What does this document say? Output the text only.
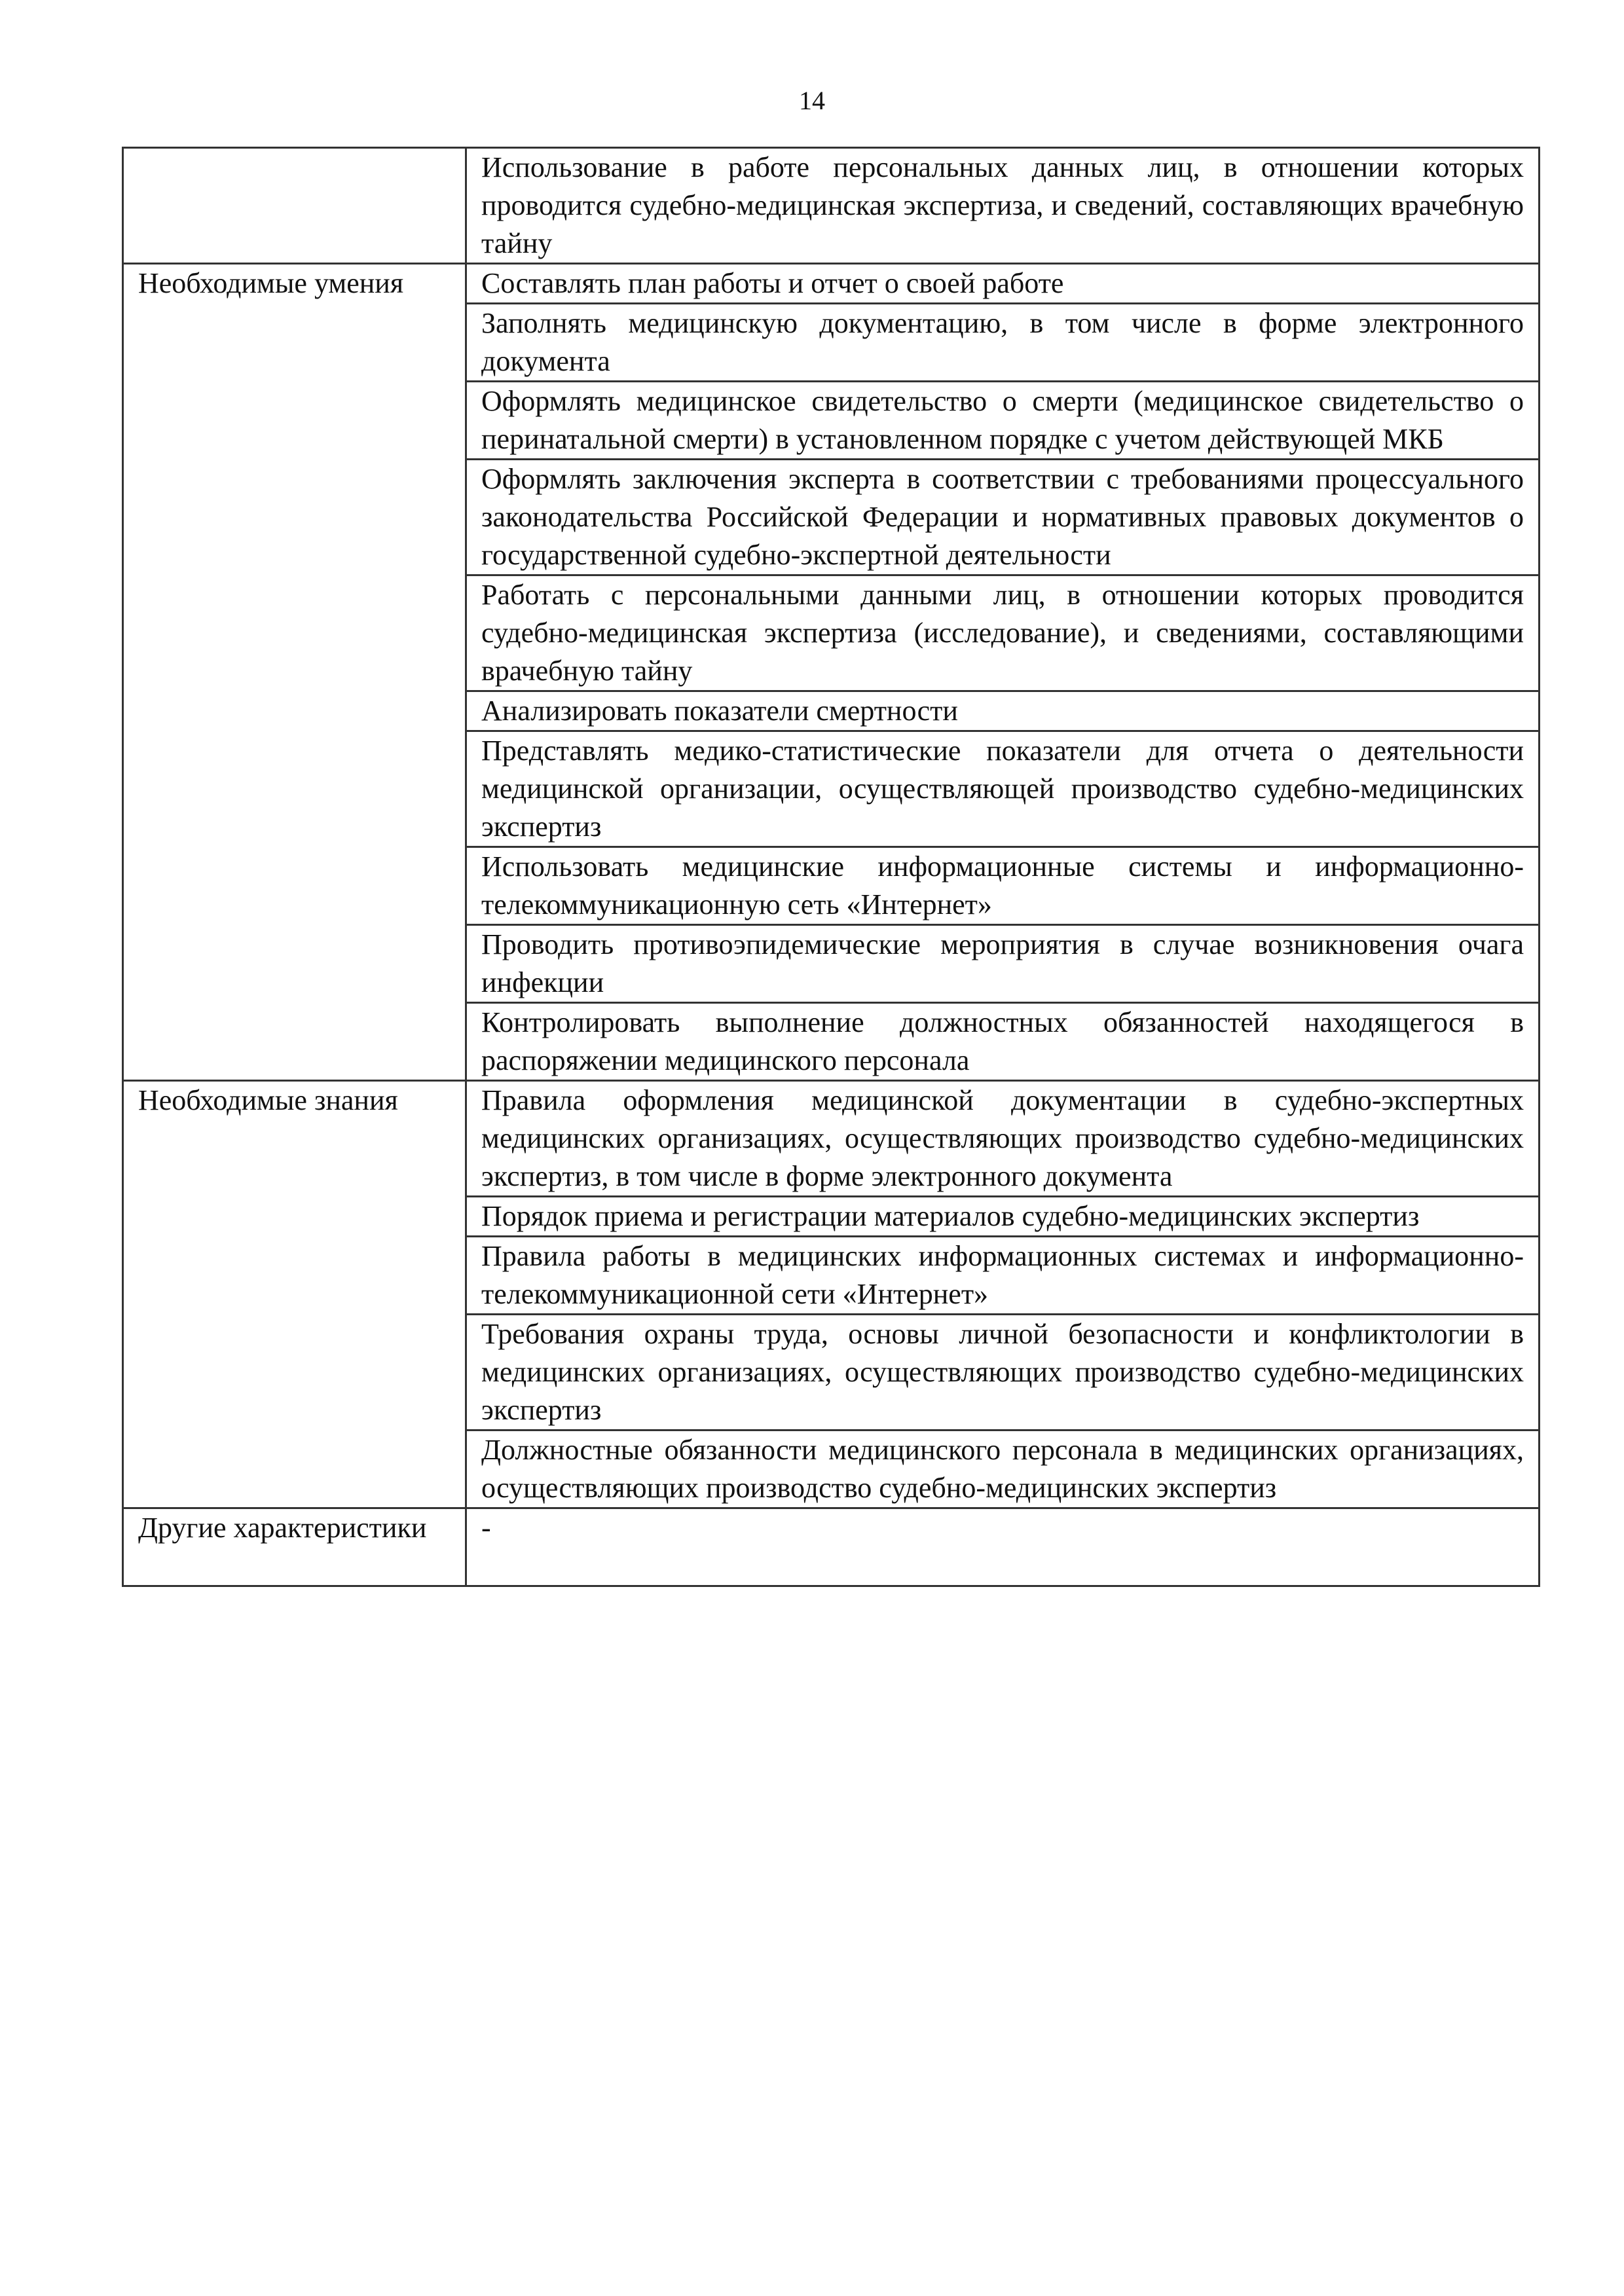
14
	Использование в работе персональных данных лиц, в отношении которых проводится судебно-медицинская экспертиза, и сведений, составляющих врачебную тайну
Необходимые умения	Составлять план работы и отчет о своей работе
	Заполнять медицинскую документацию, в том числе в форме электронного документа
	Оформлять медицинское свидетельство о смерти (медицинское свидетельство о перинатальной смерти) в установленном порядке с учетом действующей МКБ
	Оформлять заключения эксперта в соответствии с требованиями процессуального законодательства Российской Федерации и нормативных правовых документов о государственной судебно-экспертной деятельности
	Работать с персональными данными лиц, в отношении которых проводится судебно-медицинская экспертиза (исследование), и сведениями, составляющими врачебную тайну
	Анализировать показатели смертности
	Представлять медико-статистические показатели для отчета о деятельности медицинской организации, осуществляющей производство судебно-медицинских экспертиз
	Использовать медицинские информационные системы и информационно-телекоммуникационную сеть «Интернет»
	Проводить противоэпидемические мероприятия в случае возникновения очага инфекции
	Контролировать выполнение должностных обязанностей находящегося в распоряжении медицинского персонала
Необходимые знания	Правила оформления медицинской документации в судебно-экспертных медицинских организациях, осуществляющих производство судебно-медицинских экспертиз, в том числе в форме электронного документа
	Порядок приема и регистрации материалов судебно-медицинских экспертиз
	Правила работы в медицинских информационных системах и информационно-телекоммуникационной сети «Интернет»
	Требования охраны труда, основы личной безопасности и конфликтологии в медицинских организациях, осуществляющих производство судебно-медицинских экспертиз
	Должностные обязанности медицинского персонала в медицинских организациях, осуществляющих производство судебно-медицинских экспертиз
Другие характеристики	-
